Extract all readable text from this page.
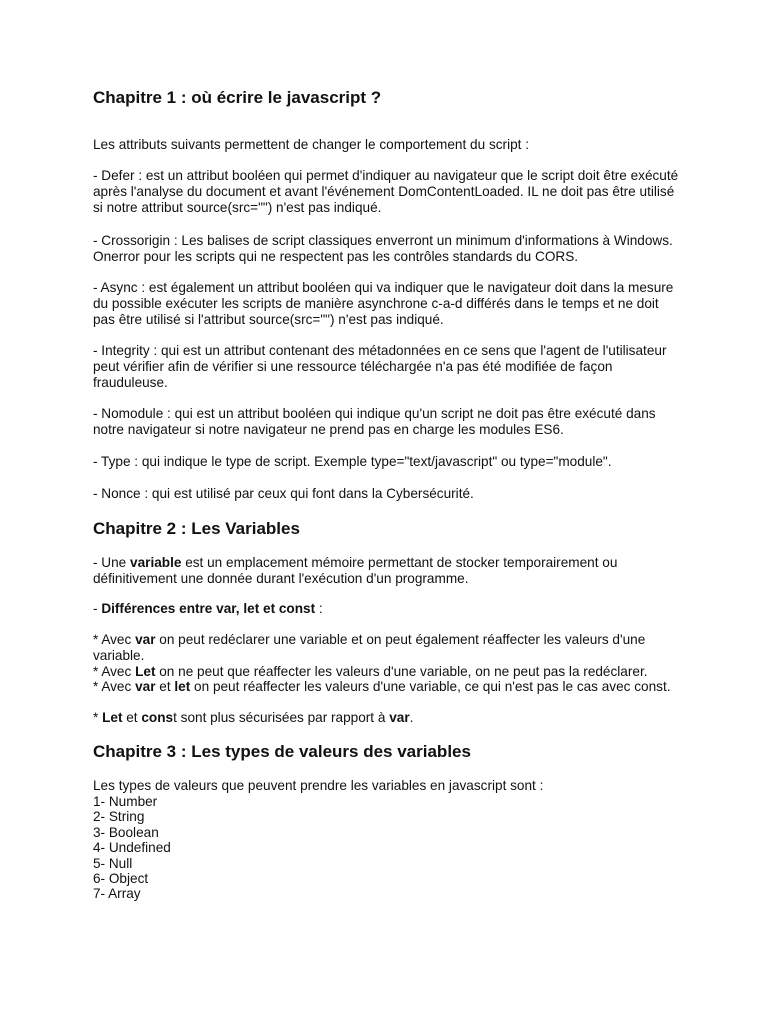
Chapitre 1 : où écrire le javascript ?

Les attributs suivants permettent de changer le comportement du script :

- Defer : est un attribut booléen qui permet d'indiquer au navigateur que le script doit être exécuté après l'analyse du document et avant l'événement DomContentLoaded. IL ne doit pas être utilisé si notre attribut source(src="") n'est pas indiqué.

- Crossorigin : Les balises de script classiques enverront un minimum d'informations à Windows. Onerror pour les scripts qui ne respectent pas les contrôles standards du CORS.

- Async : est également un attribut booléen qui va indiquer que le navigateur doit dans la mesure du possible exécuter les scripts de manière asynchrone c-a-d différés dans le temps et ne doit pas être utilisé si l'attribut source(src="") n'est pas indiqué.

- Integrity : qui est un attribut contenant des métadonnées en ce sens que l'agent de l'utilisateur peut vérifier afin de vérifier si une ressource téléchargée n'a pas été modifiée de façon frauduleuse.

- Nomodule : qui est un attribut booléen qui indique qu'un script ne doit pas être exécuté dans notre navigateur si notre navigateur ne prend pas en charge les modules ES6.

- Type : qui indique le type de script. Exemple type="text/javascript" ou type="module".

- Nonce : qui est utilisé par ceux qui font dans la Cybersécurité.

Chapitre 2 : Les Variables

- Une variable est un emplacement mémoire permettant de stocker temporairement ou définitivement une donnée durant l'exécution d'un programme.

- Différences entre var, let et const :

* Avec var on peut redéclarer une variable et on peut également réaffecter les valeurs d'une variable.

* Avec Let on ne peut que réaffecter les valeurs d'une variable, on ne peut pas la redéclarer.

* Avec var et let on peut réaffecter les valeurs d'une variable, ce qui n'est pas le cas avec const.

* Let et const sont plus sécurisées par rapport à var.

Chapitre 3 : Les types de valeurs des variables

Les types de valeurs que peuvent prendre les variables en javascript sont :

1- Number
2- String
3- Boolean
4- Undefined
5- Null
6- Object
7- Array
